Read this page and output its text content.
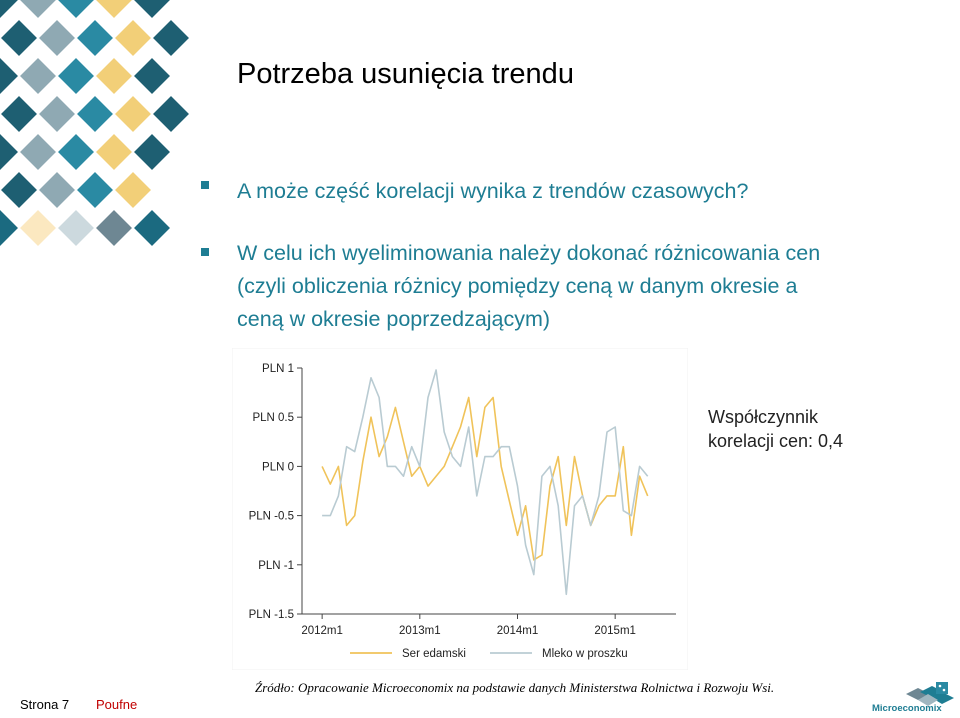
Potrzeba usunięcia trendu
A może część korelacji wynika z trendów czasowych?
W celu ich wyeliminowania należy dokonać różnicowania cen
(czyli obliczenia różnicy pomiędzy ceną w danym okresie a
ceną w okresie poprzedzającym)
PLN 1
PLN 0.5
PLN 0
PLN -0.5
PLN -1
PLN -1.5
2012m1	2013m1	2014m1	2015m1
Ser edamski	Mleko w proszku
Współczynnik
korelacji cen: 0,4
Źródło: Opracowanie Microeconomix na podstawie danych Ministerstwa Rolnictwa i Rozwoju Wsi.
Strona 7 Poufne	Microeconomix
